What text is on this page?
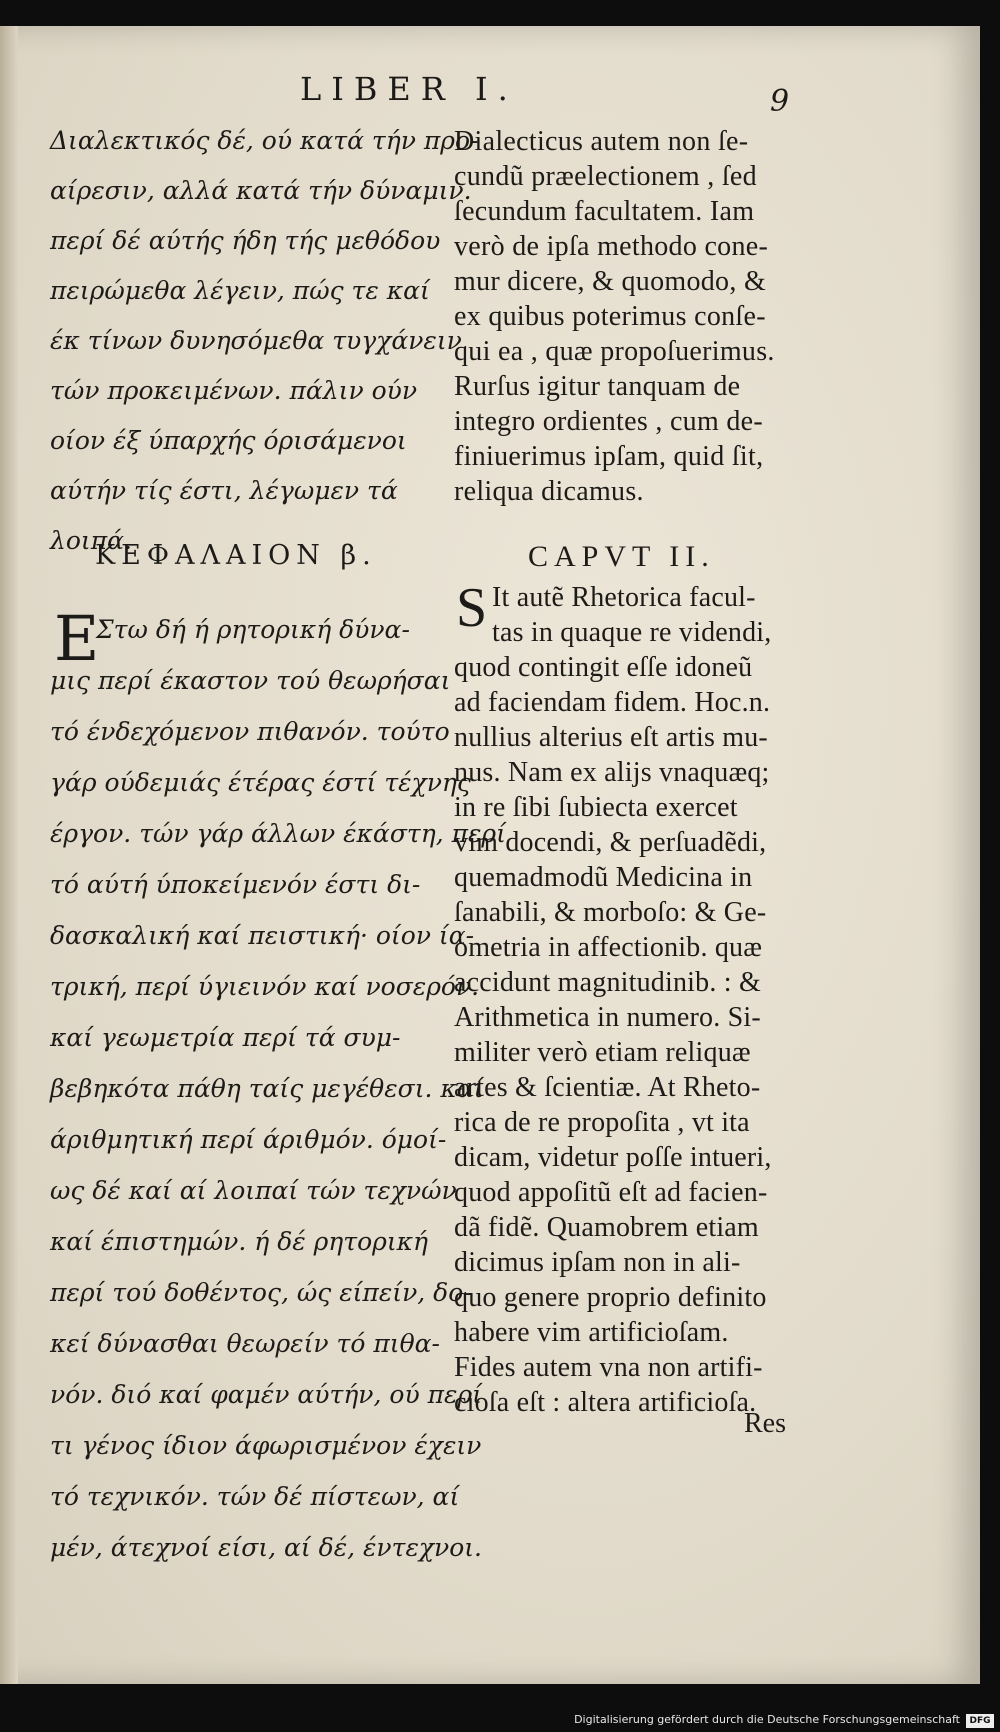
LIBER I.	9
Διαλεκτικός δέ, ού κατά τήν προ-
αίρεσιν, αλλά κατά τήν δύναμιν.
περί δέ αύτής ήδη τής μεθόδου
πειρώμεθα λέγειν, πώς τε καί
έκ τίνων δυνησόμεθα τυγχάνειν
τών προκειμένων. πάλιν ούν
οίον έξ ύπαρχής όρισάμενοι
αύτήν τίς έστι, λέγωμεν τά
λοιπά.
Dialecticus autem non ſe-
cundũ præelectionem , ſed
ſecundum facultatem. Iam
verò de ipſa methodo cone-
mur dicere, & quomodo, &
ex quibus poterimus conſe-
qui ea , quæ propoſuerimus.
Rurſus igitur tanquam de
integro ordientes , cum de-
finiuerimus ipſam, quid ſit,
reliqua dicamus.
ΚΕΦΑΛΑΙΟΝ β.	CAPVT II.
Ε
Στω δή ή ρητορική δύνα-
μις περί έκαστον τού θεωρήσαι
τό ένδεχόμενον πιθανόν. τούτο
γάρ ούδεμιάς έτέρας έστί τέχνης
έργον. τών γάρ άλλων έκάστη, περί
τό αύτή ύποκείμενόν έστι δι-
δασκαλική καί πειστική· οίον ία-
τρική, περί ύγιεινόν καί νοσερόν.
καί γεωμετρία περί τά συμ-
βεβηκότα πάθη ταίς μεγέθεσι. καί
άριθμητική περί άριθμόν. όμοί-
ως δέ καί αί λοιπαί τών τεχνών
καί έπιστημών. ή δέ ρητορική
περί τού δοθέντος, ώς είπείν, δο-
κεί δύνασθαι θεωρείν τό πιθα-
νόν. διό καί φαμέν αύτήν, ού περί
τι γένος ίδιον άφωρισμένον έχειν
τό τεχνικόν. τών δέ πίστεων, αί
μέν, άτεχνοί είσι, αί δέ, έντεχνοι.
S It autẽ Rhetorica facul-
tas in quaque re videndi,
quod contingit eſſe idoneũ
ad faciendam fidem. Hoc.n.
nullius alterius eſt artis mu-
nus. Nam ex alijs vnaquæq;
in re ſibi ſubiecta exercet
vim docendi, & perſuadẽdi,
quemadmodũ Medicina in
ſanabili, & morboſo: & Ge-
ometria in affectionib. quæ
accidunt magnitudinib. : &
Arithmetica in numero. Si-
militer verò etiam reliquæ
artes & ſcientiæ. At Rheto-
rica de re propoſita , vt ita
dicam, videtur poſſe intueri,
quod appoſitũ eſt ad facien-
dã fidẽ. Quamobrem etiam
dicimus ipſam non in ali-
quo genere proprio definito
habere vim artificioſam.
Fides autem vna non artifi-
cioſa eſt : altera artificioſa.
Res
Digitalisierung gefördert durch die Deutsche Forschungsgemeinschaft	DFG
